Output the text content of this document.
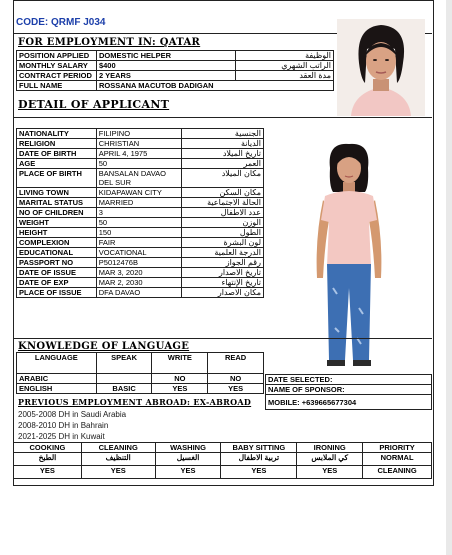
CODE: QRMF J034
FOR EMPLOYMENT IN: QATAR
POSITION APPLIED	DOMESTIC HELPER	الوظيفة
MONTHLY SALARY	$400	الراتب الشهري
CONTRACT PERIOD	2 YEARS	مدة العقد
FULL NAME	ROSSANA MACUTOB DADIGAN	
DETAIL OF APPLICANT
NATIONALITY	FILIPINO	الجنسية
RELIGION	CHRISTIAN	الديانة
DATE OF BIRTH	APRIL 4, 1975	تاريخ الميلاد
AGE	50	العمر
PLACE OF BIRTH	BANSALAN DAVAO
DEL SUR	مكان الميلاد
LIVING TOWN	KIDAPAWAN CITY	مكان السكن
MARITAL STATUS	MARRIED	الحالة الاجتماعية
NO OF CHILDREN	3	عدد الاطفال
WEIGHT	50	الوزن
HEIGHT	150	الطول
COMPLEXION	FAIR	لون البشرة
EDUCATIONAL	VOCATIONAL	الدرجة العلمية
PASSPORT NO	P5012476B	رقم الجواز
DATE OF ISSUE	MAR 3, 2020	تاريخ الاصدار
DATE OF EXP	MAR 2, 2030	تاريخ الإنتهاء
PLACE OF ISSUE	DFA DAVAO	مكان الاصدار
KNOWLEDGE OF LANGUAGE
LANGUAGE	SPEAK	WRITE	READ
ARABIC		NO	NO
ENGLISH	BASIC	YES	YES
DATE SELECTED:
NAME OF SPONSOR:
MOBILE: +639665677304
PREVIOUS EMPLOYMENT ABROAD: EX-ABROAD
2005-2008 DH in Saudi Arabia
2008-2010 DH in Bahrain
2021-2025 DH in Kuwait
COOKING	CLEANING	WASHING	BABY SITTING	IRONING	PRIORITY
الطبخ	التنظيف	الغسيل	تربية الاطفال	كي الملابس	NORMAL
YES	YES	YES	YES	YES	CLEANING
